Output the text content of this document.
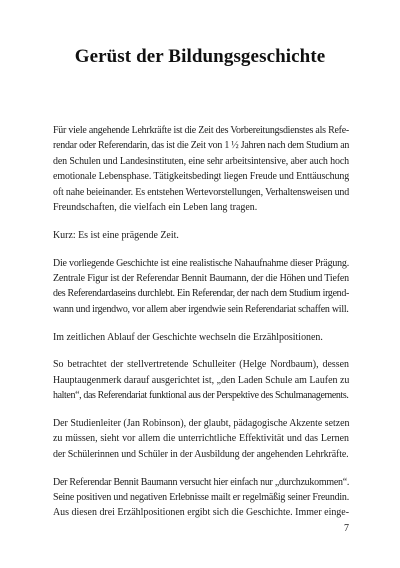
Gerüst der Bildungsgeschichte

Für viele angehende Lehrkräfte ist die Zeit des Vorbereitungsdienstes als Refe-
rendar oder Referendarin, das ist die Zeit von 1 ½ Jahren nach dem Studium an
den Schulen und Landesinstituten, eine sehr arbeitsintensive, aber auch hoch
emotionale Lebensphase. Tätigkeitsbedingt liegen Freude und Enttäuschung
oft nahe beieinander. Es entstehen Wertevorstellungen, Verhaltensweisen und
Freundschaften, die vielfach ein Leben lang tragen.

Kurz: Es ist eine prägende Zeit.

Die vorliegende Geschichte ist eine realistische Nahaufnahme dieser Prägung.
Zentrale Figur ist der Referendar Bennit Baumann, der die Höhen und Tiefen
des Referendardaseins durchlebt. Ein Referendar, der nach dem Studium irgend-
wann und irgendwo, vor allem aber irgendwie sein Referendariat schaffen will.

Im zeitlichen Ablauf der Geschichte wechseln die Erzählpositionen.

So betrachtet der stellvertretende Schulleiter (Helge Nordbaum), dessen
Hauptaugenmerk darauf ausgerichtet ist, „den Laden Schule am Laufen zu
halten“, das Referendariat funktional aus der Perspektive des Schulmanagements.

Der Studienleiter (Jan Robinson), der glaubt, pädagogische Akzente setzen
zu müssen, sieht vor allem die unterrichtliche Effektivität und das Lernen
der Schülerinnen und Schüler in der Ausbildung der angehenden Lehrkräfte.

Der Referendar Bennit Baumann versucht hier einfach nur „durchzukommen“.
Seine positiven und negativen Erlebnisse mailt er regelmäßig seiner Freundin.
Aus diesen drei Erzählpositionen ergibt sich die Geschichte. Immer einge-

7
